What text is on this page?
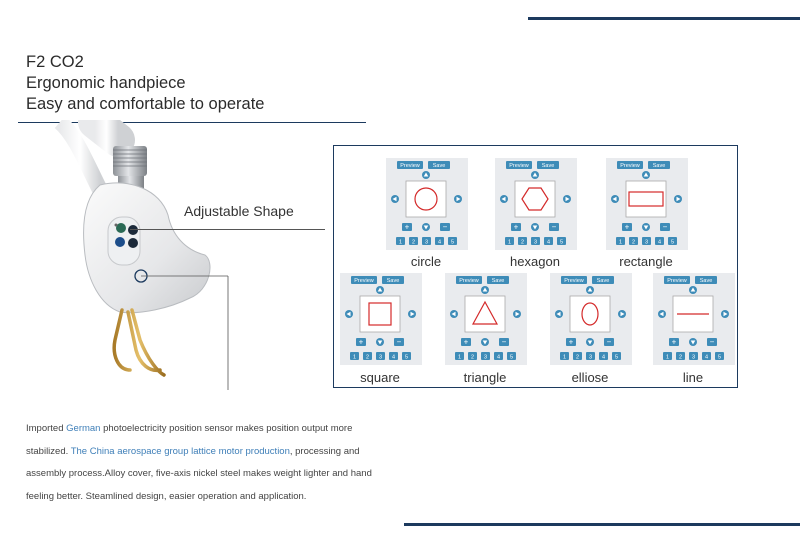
F2 CO2
Ergonomic handpiece
Easy and comfortable to operate
Adjustable Shape
Preview Save
+	−
1 2 3 4 5
circle
Preview Save
+	−
1 2 3 4 5
hexagon
Preview Save
+	−
1 2 3 4 5
rectangle
Preview Save
+	−
1 2 3 4 5
square
Preview Save
+	−
1 2 3 4 5
triangle
Preview Save
+	−
1 2 3 4 5
elliose
Preview Save
+	−
1 2 3 4 5
line
Imported German photoelectricity position sensor makes position output more stabilized. The China aerospace group lattice motor production, processing and assembly process.Alloy cover, five-axis nickel steel makes weight lighter and hand feeling better. Steamlined design, easier operation and application.
